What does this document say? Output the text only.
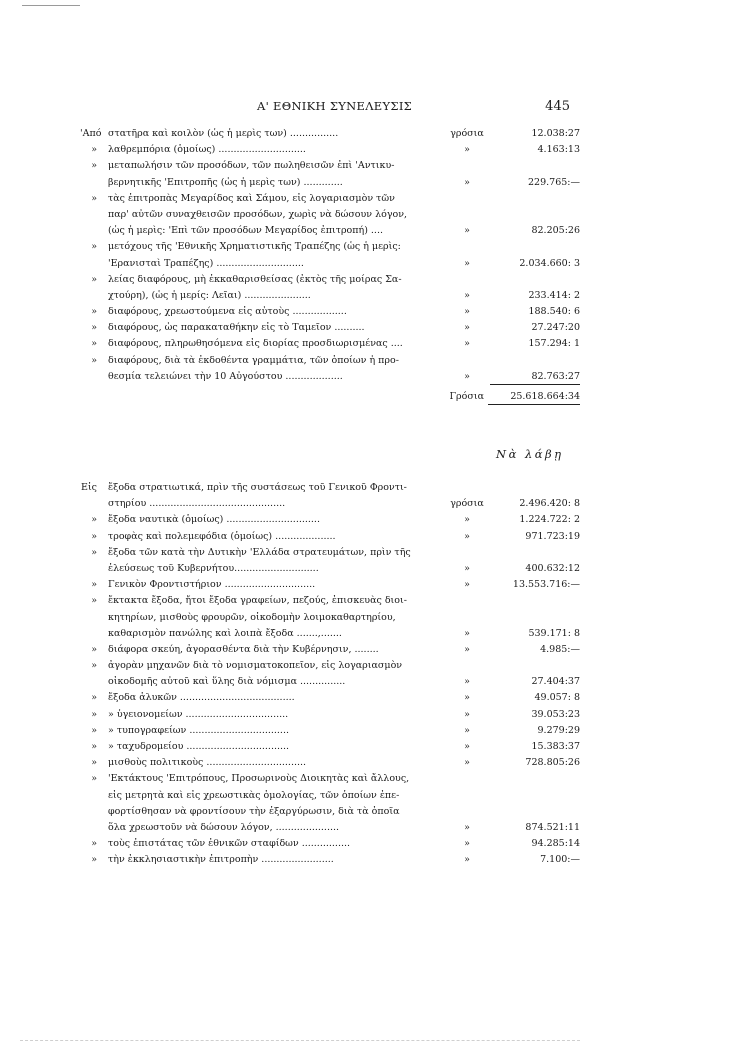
Α' ΕΘΝΙΚΗ ΣΥΝΕΛΕΥΣΙΣ	445
'Από στατῆρα καὶ κοιλὸν (ὡς ἡ μερὶς των) ................	γρόσια	12.038:27
» λαθρεμπόρια (ὁμοίως) .............................	»	4.163:13
» μεταπωλήσιν τῶν προσόδων, τῶν πωληθεισῶν ἐπὶ 'Αντικυ-
βερνητικῆς 'Επιτροπῆς (ὡς ἡ μερὶς των) .............	»	229.765:—
» τὰς ἐπιτροπὰς Μεγαρίδος καὶ Σάμου, εἰς λογαριασμὸν τῶν
παρ' αὐτῶν συναχθεισῶν προσόδων, χωρὶς νὰ δώσουν λόγον,
(ὡς ἡ μερὶς: 'Επὶ τῶν προσόδων Μεγαρίδος ἐπιτροπή) ....	»	82.205:26
» μετόχους τῆς 'Εθνικῆς Χρηματιστικῆς Τραπέζης (ὡς ἡ μερὶς:
'Ερανισταὶ Τραπέζης) .............................	»	2.034.660: 3
» λείας διαφόρους, μὴ ἐκκαθαρισθείσας (ἐκτὸς τῆς μοίρας Σα-
χτούρη), (ὡς ἡ μερίς: Λεῖαι) ......................	»	233.414: 2
» διαφόρους, χρεωστούμενα εἰς αὐτοὺς ..................	»	188.540: 6
» διαφόρους, ὡς παρακαταθήκην εἰς τὸ Ταμεῖον ..........	»	27.247:20
» διαφόρους, πληρωθησόμενα εἰς διορίας προσδιωρισμένας ....	»	157.294: 1
» διαφόρους, διὰ τὰ ἐκδοθέντα γραμμάτια, τῶν ὁποίων ἡ προ-
θεσμία τελειώνει τὴν 10 Αὐγούστου ...................	»	82.763:27
Γρόσια	25.618.664:34
Νὰ λάβῃ
Εἰς ἔξοδα στρατιωτικά, πρὶν τῆς συστάσεως τοῦ Γενικοῦ Φροντι-
στηρίου .............................................	γρόσια	2.496.420: 8
» ἔξοδα ναυτικὰ (ὁμοίως) ...............................	»	1.224.722: 2
» τροφὰς καὶ πολεμεφόδια (ὁμοίως) ....................	»	971.723:19
» ἔξοδα τῶν κατὰ τὴν Δυτικὴν 'Ελλάδα στρατευμάτων, πρὶν τῆς
ἐλεύσεως τοῦ Κυβερνήτου............................	»	400.632:12
» Γενικὸν Φροντιστήριον ..............................	»	13.553.716:—
» ἔκτακτα ἔξοδα, ἤτοι ἔξοδα γραφείων, πεζούς, ἐπισκευὰς διοι-
κητηρίων, μισθοὺς φρουρῶν, οἰκοδομὴν λοιμοκαθαρτηρίου,
καθαρισμὸν πανώλης καὶ λοιπὰ ἔξοδα .......,.......	»	539.171: 8
» διάφορα σκεύη, ἀγορασθέντα διὰ τὴν Κυβέρνησιν, ........	»	4.985:—
» ἀγορὰν μηχανῶν διὰ τὸ νομισματοκοπεῖον, εἰς λογαριασμὸν
οἰκοδομῆς αὐτοῦ καὶ ὕλης διὰ νόμισμα ...............	»	27.404:37
» ἔξοδα ἁλυκῶν ......................................	»	49.057: 8
» » ὑγειονομείων ..................................	»	39.053:23
» » τυπογραφείων .................................	»	9.279:29
» » ταχυδρομείου ..................................	»	15.383:37
» μισθοὺς πολιτικοὺς .................................	»	728.805:26
» 'Εκτάκτους 'Επιτρόπους, Προσωρινοὺς Διοικητὰς καὶ ἄλλους,
εἰς μετρητὰ καὶ εἰς χρεωστικὰς ὁμολογίας, τῶν ὁποίων ἐπε-
φορτίσθησαν νὰ φροντίσουν τὴν ἐξαργύρωσιν, διὰ τὰ ὁποῖα
ὅλα χρεωστοῦν νὰ δώσουν λόγον, .....................	»	874.521:11
» τοὺς ἐπιστάτας τῶν ἐθνικῶν σταφίδων ................	»	94.285:14
» τὴν ἐκκλησιαστικὴν ἐπιτροπὴν ........................	»	7.100:—
